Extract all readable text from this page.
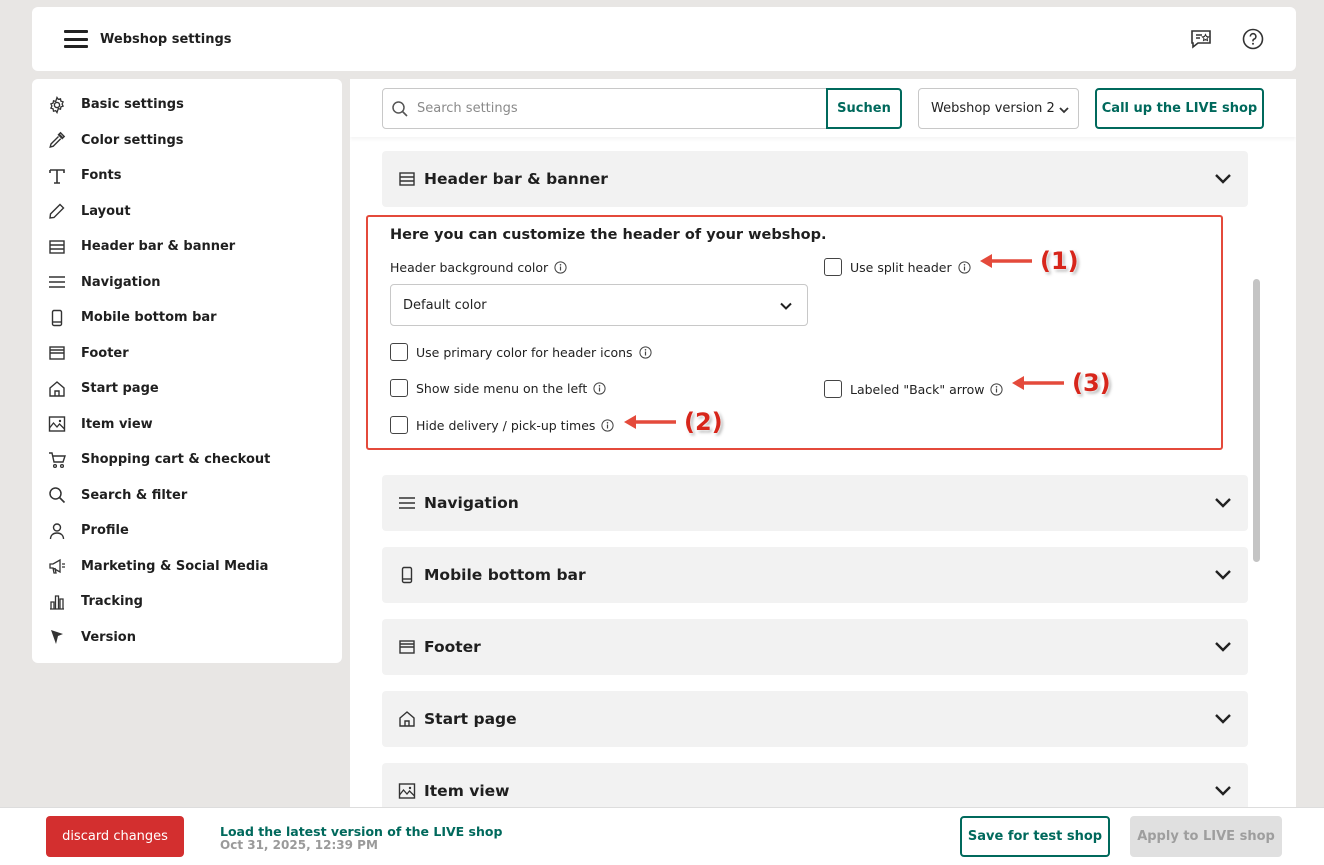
Webshop settings
Basic settings
Color settings
Fonts
Layout
Header bar & banner
Navigation
Mobile bottom bar
Footer
Start page
Item view
Shopping cart & checkout
Search & filter
Profile
Marketing & Social Media
Tracking
Version
Search settings
Suchen	Webshop version 2	Call up the LIVE shop
Header bar & banner
Here you can customize the header of your webshop.
Header background color
Default color
Use split header	(1)
Use primary color for header icons
Show side menu on the left	Labeled "Back" arrow	(3)
Hide delivery / pick-up times	(2)
Navigation
Mobile bottom bar
Footer
Start page
Item view
discard changes	Load the latest version of the LIVE shop
Oct 31, 2025, 12:39 PM
Save for test shop	Apply to LIVE shop
